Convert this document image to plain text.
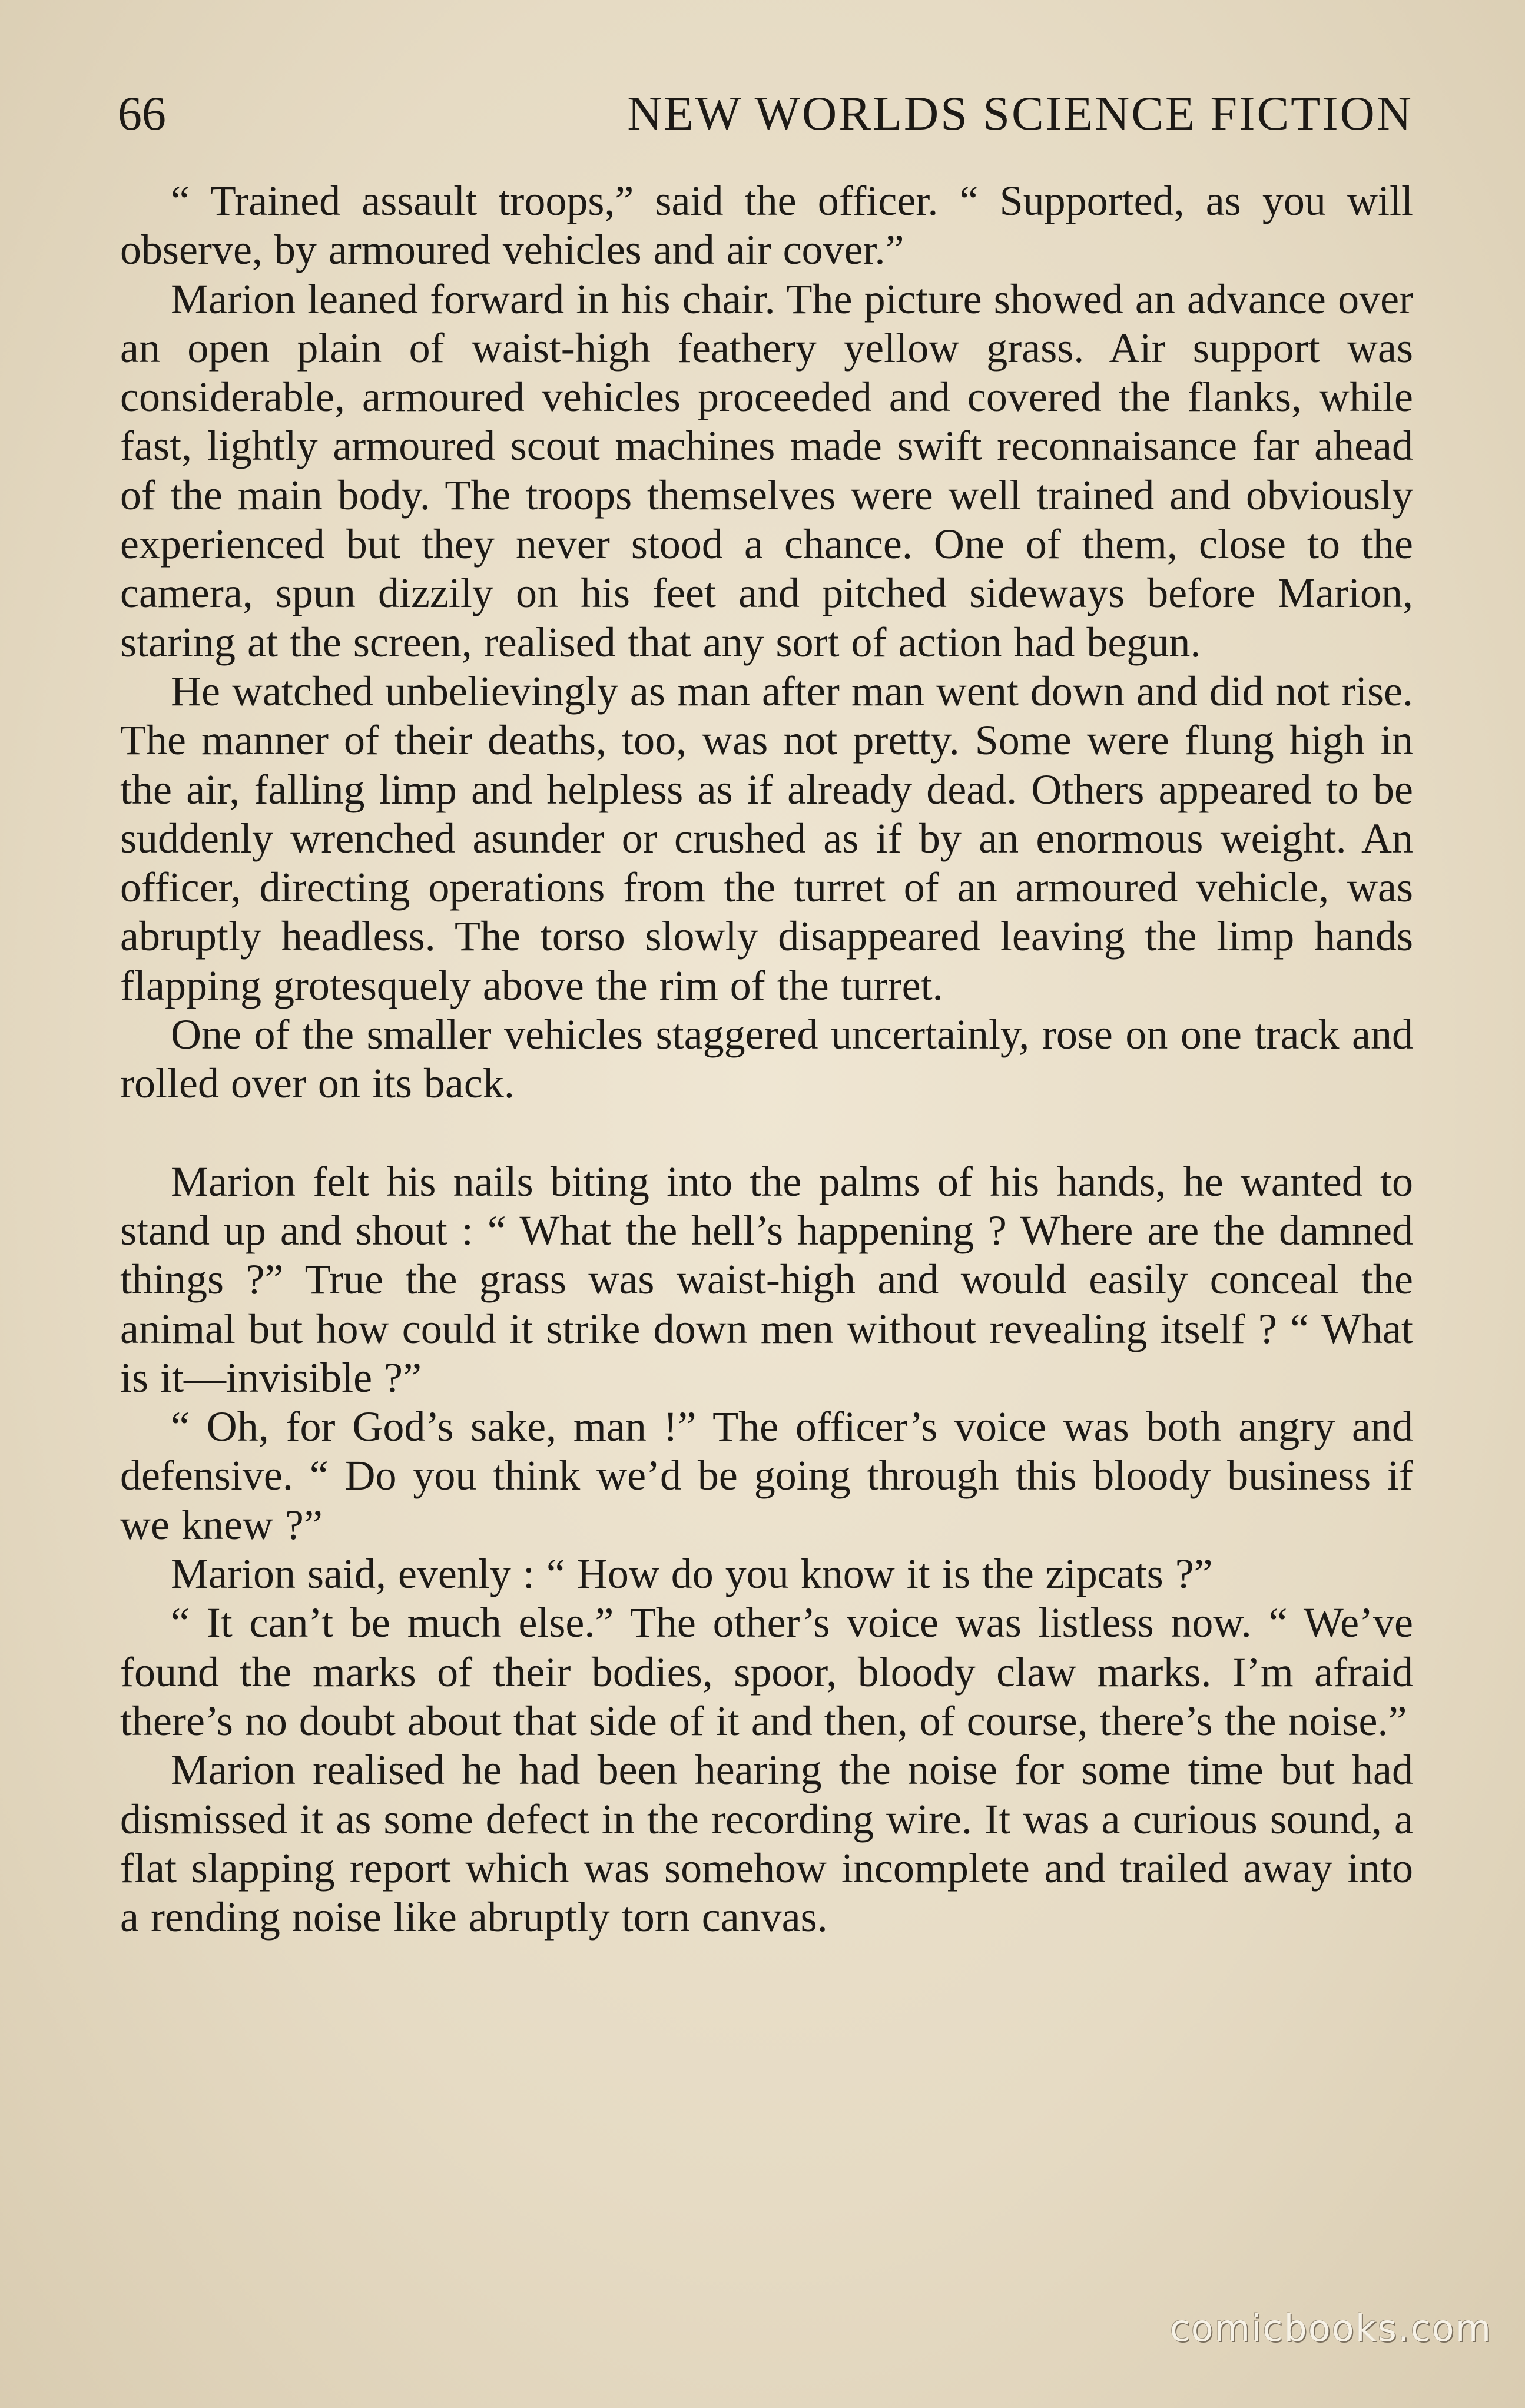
66	NEW WORLDS SCIENCE FICTION

“ Trained assault troops,” said the officer. “ Supported, as you will observe, by armoured vehicles and air cover.”

Marion leaned forward in his chair. The picture showed an advance over an open plain of waist-high feathery yellow grass. Air support was considerable, armoured vehicles proceeded and covered the flanks, while fast, lightly armoured scout machines made swift reconnaisance far ahead of the main body. The troops themselves were well trained and obviously experienced but they never stood a chance. One of them, close to the camera, spun dizzily on his feet and pitched sideways before Marion, staring at the screen, realised that any sort of action had begun.

He watched unbelievingly as man after man went down and did not rise. The manner of their deaths, too, was not pretty. Some were flung high in the air, falling limp and helpless as if already dead. Others appeared to be suddenly wrenched asunder or crushed as if by an enormous weight. An officer, directing operations from the turret of an armoured vehicle, was abruptly headless. The torso slowly disappeared leaving the limp hands flapping grotesquely above the rim of the turret.

One of the smaller vehicles staggered uncertainly, rose on one track and rolled over on its back.

Marion felt his nails biting into the palms of his hands, he wanted to stand up and shout : “ What the hell’s happening ? Where are the damned things ?” True the grass was waist-high and would easily conceal the animal but how could it strike down men without revealing itself ? “ What is it—invisible ?”

“ Oh, for God’s sake, man !” The officer’s voice was both angry and defensive. “ Do you think we’d be going through this bloody business if we knew ?”

Marion said, evenly : “ How do you know it is the zipcats ?”

“ It can’t be much else.” The other’s voice was listless now. “ We’ve found the marks of their bodies, spoor, bloody claw marks. I’m afraid there’s no doubt about that side of it and then, of course, there’s the noise.”

Marion realised he had been hearing the noise for some time but had dismissed it as some defect in the recording wire. It was a curious sound, a flat slapping report which was somehow incomplete and trailed away into a rending noise like abruptly torn canvas.

comicbooks.com
